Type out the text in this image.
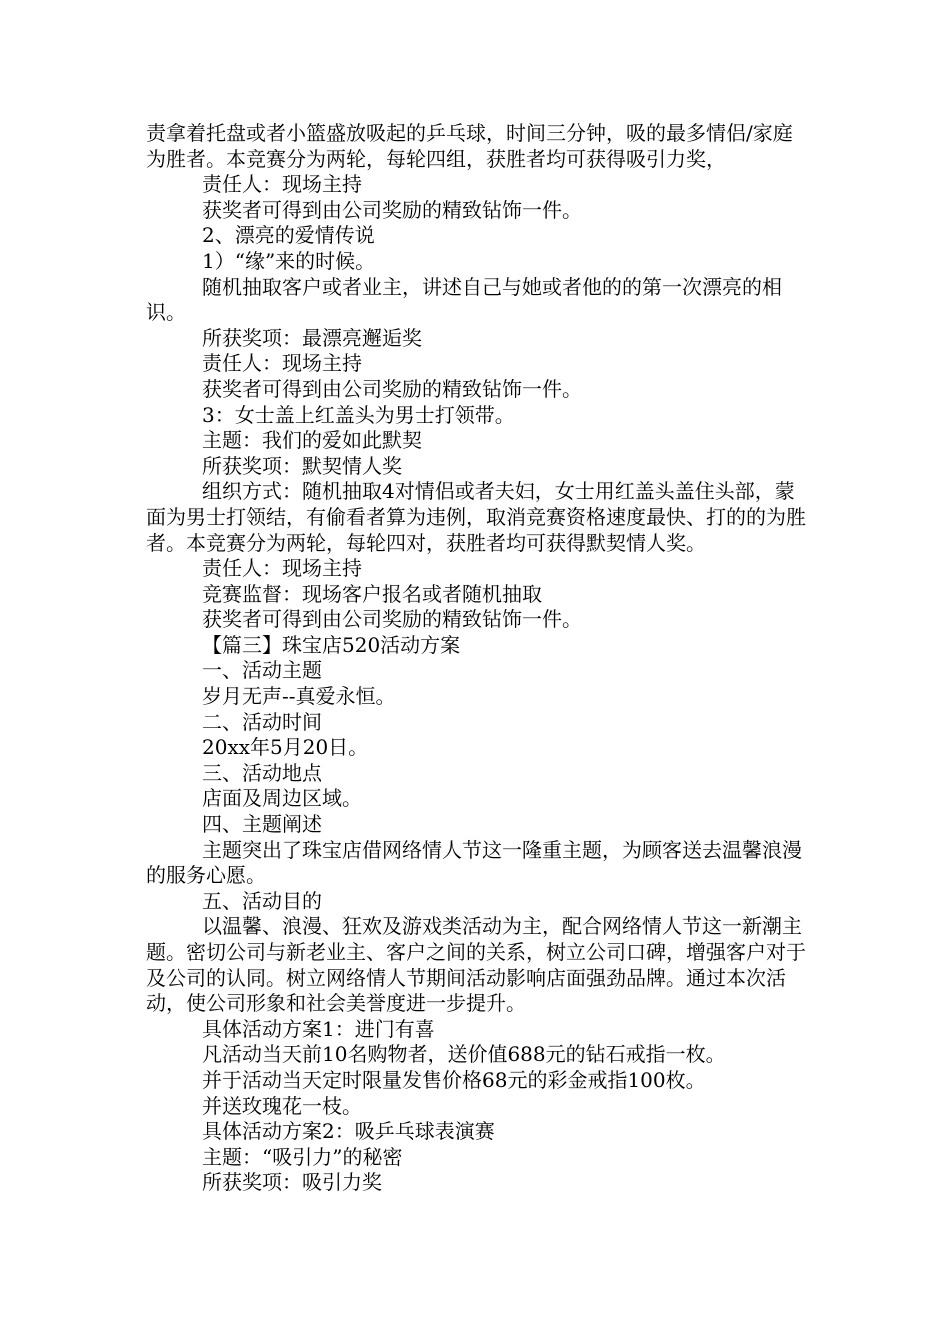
责拿着托盘或者小篮盛放吸起的乒乓球，时间三分钟，吸的最多情侣/家庭为胜者。本竞赛分为两轮，每轮四组，获胜者均可获得吸引力奖，

责任人：现场主持

获奖者可得到由公司奖励的精致钻饰一件。

2、漂亮的爱情传说

1）“缘”来的时候。

随机抽取客户或者业主，讲述自己与她或者他的的第一次漂亮的相识。

所获奖项：最漂亮邂逅奖

责任人：现场主持

获奖者可得到由公司奖励的精致钻饰一件。

3：女士盖上红盖头为男士打领带。

主题：我们的爱如此默契

所获奖项：默契情人奖

组织方式：随机抽取4对情侣或者夫妇，女士用红盖头盖住头部，蒙面为男士打领结，有偷看者算为违例，取消竞赛资格速度最快、打的的为胜者。本竞赛分为两轮，每轮四对，获胜者均可获得默契情人奖。

责任人：现场主持

竞赛监督：现场客户报名或者随机抽取

获奖者可得到由公司奖励的精致钻饰一件。

【篇三】珠宝店520活动方案

一、活动主题

岁月无声--真爱永恒。

二、活动时间

20xx年5月20日。

三、活动地点

店面及周边区域。

四、主题阐述

主题突出了珠宝店借网络情人节这一隆重主题，为顾客送去温馨浪漫的服务心愿。

五、活动目的

以温馨、浪漫、狂欢及游戏类活动为主，配合网络情人节这一新潮主题。密切公司与新老业主、客户之间的关系，树立公司口碑，增强客户对于及公司的认同。树立网络情人节期间活动影响店面强劲品牌。通过本次活动，使公司形象和社会美誉度进一步提升。

具体活动方案1：进门有喜

凡活动当天前10名购物者，送价值688元的钻石戒指一枚。

并于活动当天定时限量发售价格68元的彩金戒指100枚。

并送玫瑰花一枝。

具体活动方案2：吸乒乓球表演赛

主题：“吸引力”的秘密

所获奖项：吸引力奖
